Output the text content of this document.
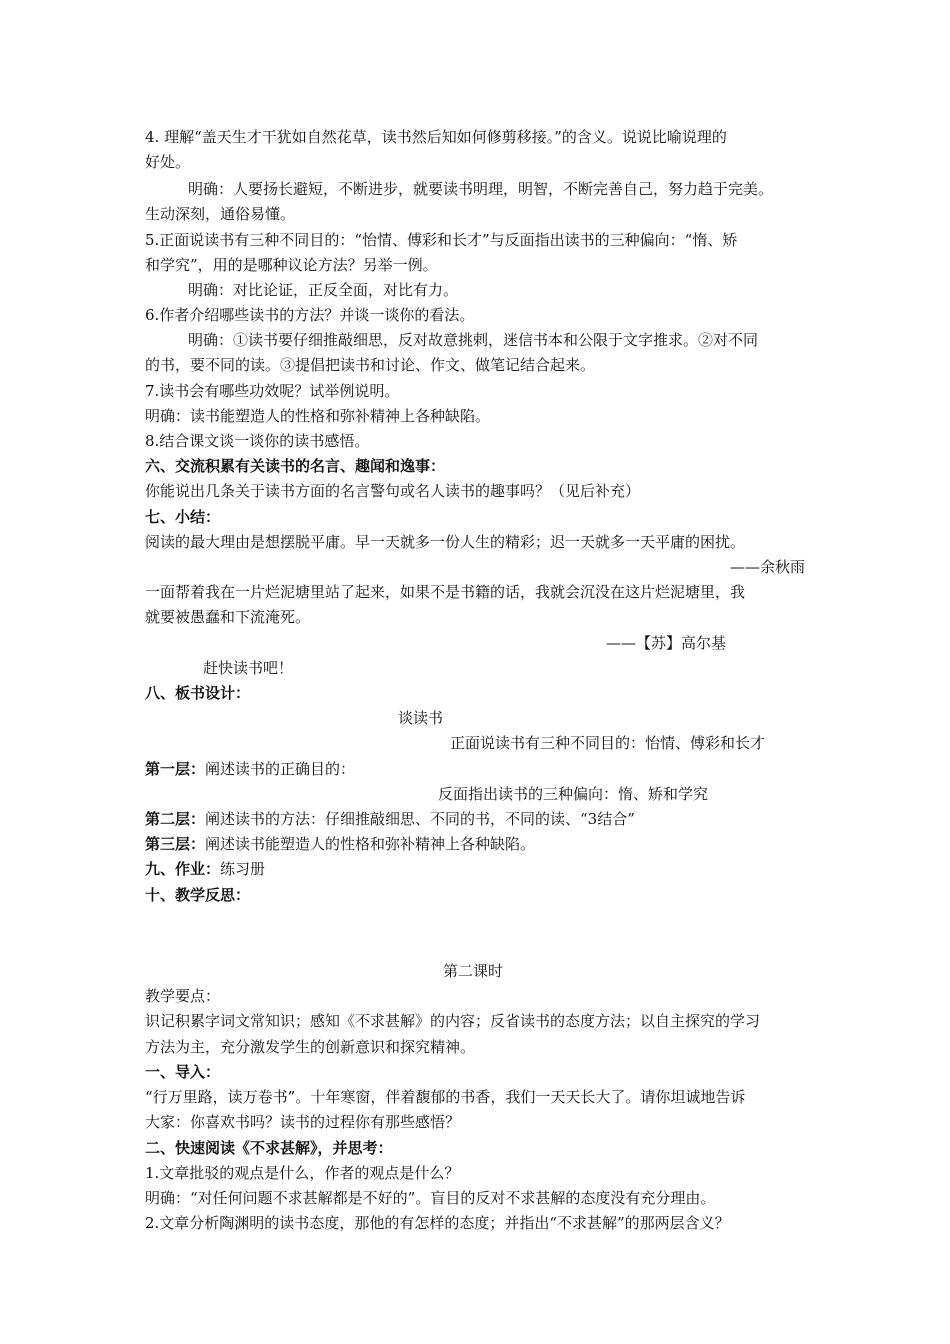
4. 理解“盖天生才干犹如自然花草，读书然后知如何修剪移接。”的含义。说说比喻说理的
好处。
明确：人要扬长避短，不断进步，就要读书明理，明智，不断完善自己，努力趋于完美。
生动深刻，通俗易懂。
5.正面说读书有三种不同目的：“怡情、傅彩和长才”与反面指出读书的三种偏向：“惰、矫
和学究”，用的是哪种议论方法？另举一例。
明确：对比论证，正反全面，对比有力。
6.作者介绍哪些读书的方法？并谈一谈你的看法。
明确：①读书要仔细推敲细思，反对故意挑剌，迷信书本和公限于文字推求。②对不同
的书，要不同的读。③提倡把读书和讨论、作文、做笔记结合起来。
7.读书会有哪些功效呢？试举例说明。
明确：读书能塑造人的性格和弥补精神上各种缺陷。
8.结合课文谈一谈你的读书感悟。
六、交流积累有关读书的名言、趣闻和逸事：
你能说出几条关于读书方面的名言警句或名人读书的趣事吗？（见后补充）
七、小结：
阅读的最大理由是想摆脱平庸。早一天就多一份人生的精彩；迟一天就多一天平庸的困扰。
——余秋雨
一面帮着我在一片烂泥塘里站了起来，如果不是书籍的话，我就会沉没在这片烂泥塘里，我
就要被愚蠢和下流淹死。
——【苏】高尔基
赶快读书吧！
八、板书设计：
谈读书
正面说读书有三种不同目的：怡情、傅彩和长才
第一层：阐述读书的正确目的：
反面指出读书的三种偏向：惰、矫和学究
第二层：阐述读书的方法：仔细推敲细思、不同的书，不同的读、“3结合”
第三层：阐述读书能塑造人的性格和弥补精神上各种缺陷。
九、作业：练习册
十、教学反思：
第二课时
教学要点：
识记积累字词文常知识；感知《不求甚解》的内容；反省读书的态度方法；以自主探究的学习
方法为主，充分激发学生的创新意识和探究精神。
一、导入：
“行万里路，读万卷书”。十年寒窗，伴着馥郁的书香，我们一天天长大了。请你坦诚地告诉
大家：你喜欢书吗？读书的过程你有那些感悟？
二、快速阅读《不求甚解》，并思考：
1.文章批驳的观点是什么，作者的观点是什么？
明确：“对任何问题不求甚解都是不好的”。盲目的反对不求甚解的态度没有充分理由。
2.文章分析陶渊明的读书态度，那他的有怎样的态度；并指出“不求甚解”的那两层含义？
